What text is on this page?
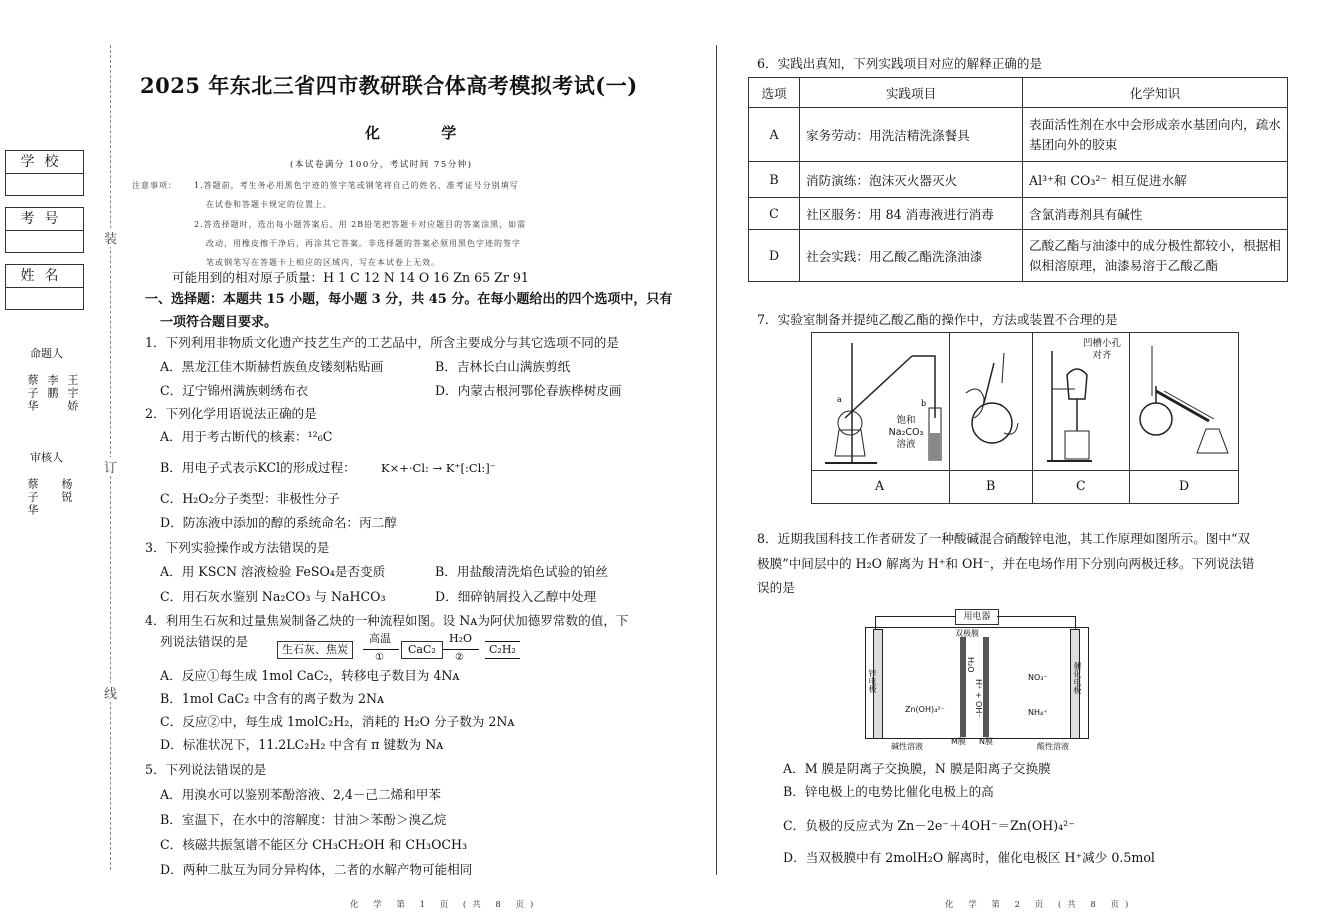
学校
考号
姓名
命题人
蔡子华 李鹏 王宇娇
审核人
蔡子华 杨锐
装
订
线
2025 年东北三省四市教研联合体高考模拟考试(一)
化 学
(本试卷满分 100分，考试时间 75分钟)
注意事项： 1.答题前，考生务必用黑色字迹的签字笔或钢笔将自己的姓名、准考证号分别填写
在试卷和答题卡规定的位置上。
2.答选择题时，选出每小题答案后，用 2B铅笔把答题卡对应题目的答案涂黑，如需
改动，用橡皮擦干净后，再涂其它答案。非选择题的答案必须用黑色字迹的签字
笔或钢笔写在答题卡上相应的区域内，写在本试卷上无效。
可能用到的相对原子质量：H 1 C 12 N 14 O 16 Zn 65 Zr 91
一、选择题：本题共 15 小题，每小题 3 分，共 45 分。在每小题给出的四个选项中，只有
一项符合题目要求。
1．下列利用非物质文化遗产技艺生产的工艺品中，所含主要成分与其它选项不同的是
A．黑龙江佳木斯赫哲族鱼皮镂刻粘贴画	B．吉林长白山满族剪纸
C．辽宁锦州满族刺绣布衣	D．内蒙古根河鄂伦春族桦树皮画
2．下列化学用语说法正确的是
A．用于考古断代的核素：¹²₆C
B．用电子式表示KCl的形成过程： K×+·Cl: → K⁺[:Cl:]⁻
C．H₂O₂分子类型：非极性分子
D．防冻液中添加的醇的系统命名：丙二醇
3．下列实验操作或方法错误的是
A．用 KSCN 溶液检验 FeSO₄是否变质	B．用盐酸清洗焰色试验的铂丝
C．用石灰水鉴别 Na₂CO₃ 与 NaHCO₃	D．细碎钠屑投入乙醇中处理
4．利用生石灰和过量焦炭制备乙炔的一种流程如图。设 Nᴀ为阿伏加德罗常数的值，下
列说法错误的是
生石灰、焦炭
高温
①
CaC₂
H₂O
②
C₂H₂
A．反应①每生成 1mol CaC₂，转移电子数目为 4Nᴀ
B．1mol CaC₂ 中含有的离子数为 2Nᴀ
C．反应②中，每生成 1molC₂H₂，消耗的 H₂O 分子数为 2Nᴀ
D．标准状况下，11.2LC₂H₂ 中含有 π 键数为 Nᴀ
5．下列说法错误的是
A．用溴水可以鉴别苯酚溶液、2,4－己二烯和甲苯
B．室温下，在水中的溶解度：甘油＞苯酚＞溴乙烷
C．核磁共振氢谱不能区分 CH₃CH₂OH 和 CH₃OCH₃
D．两种二肽互为同分异构体，二者的水解产物可能相同
化 学 第 1 页 (共 8 页)
6．实践出真知，下列实践项目对应的解释正确的是
选项	实践项目	化学知识
A	家务劳动：用洗洁精洗涤餐具	表面活性剂在水中会形成亲水基团向内，疏水基团向外的胶束
B	消防演练：泡沫灭火器灭火	Al³⁺和 CO₃²⁻ 相互促进水解
C	社区服务：用 84 消毒液进行消毒	含氯消毒剂具有碱性
D	社会实践：用乙酸乙酯洗涤油漆	乙酸乙酯与油漆中的成分极性都较小，根据相似相溶原理，油漆易溶于乙酸乙酯
7．实验室制备并提纯乙酸乙酯的操作中，方法或装置不合理的是
b
a
饱和 Na₂CO₃ 溶液
凹槽小孔对齐
A	B	C	D
8．近期我国科技工作者研发了一种酸碱混合硝酸锌电池，其工作原理如图所示。图中“双
极膜”中间层中的 H₂O 解离为 H⁺和 OH⁻，并在电场作用下分别向两极迁移。下列说法错
误的是
用电器
双极膜
锌电极	催化电极
Zn(OH)₄²⁻
H₂O
H⁺ + OH⁻
NO₃⁻
NH₄⁺
碱性溶液
M膜 N膜
酸性溶液
A．M 膜是阴离子交换膜，N 膜是阳离子交换膜
B．锌电极上的电势比催化电极上的高
C．负极的反应式为 Zn－2e⁻＋4OH⁻＝Zn(OH)₄²⁻
D．当双极膜中有 2molH₂O 解离时，催化电极区 H⁺减少 0.5mol
化 学 第 2 页 (共 8 页)
